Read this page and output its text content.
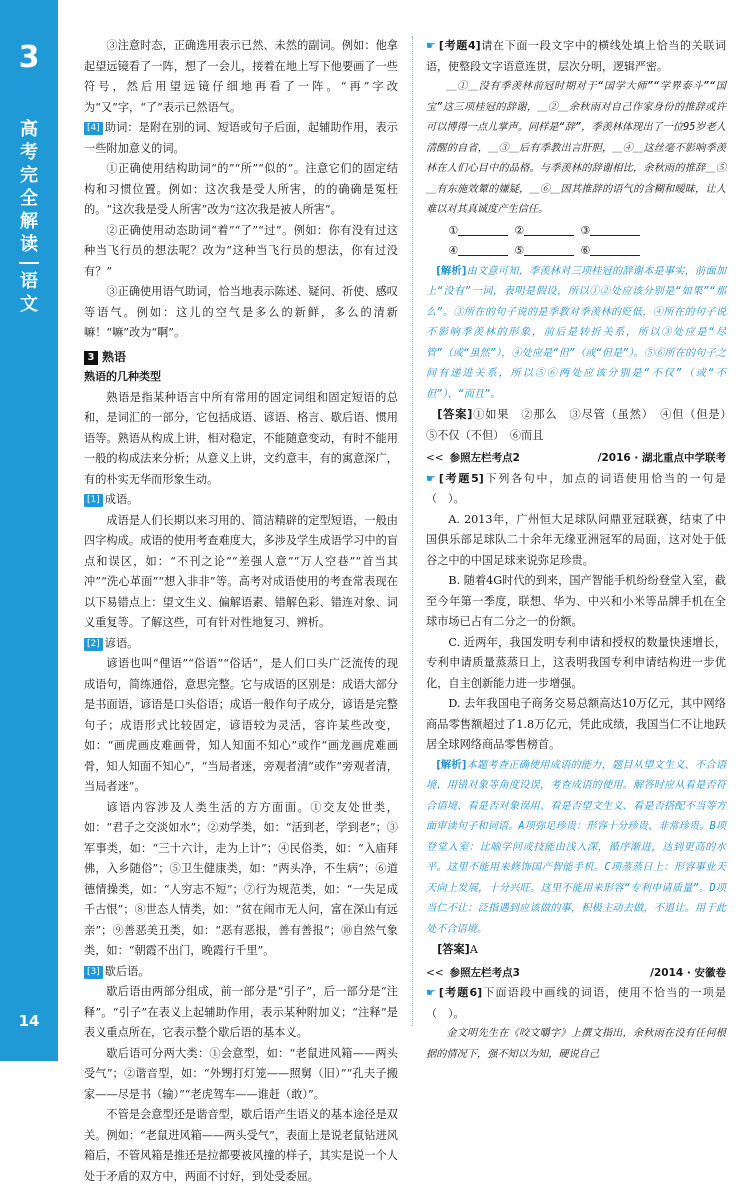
3
高
考
完
全
解
读
语
文
14

③注意时态，正确选用表示已然、未然的副词。例如：他拿起望远镜看了一阵，想了一会儿，接着在地上写下他要画了一些符号，然后用望远镜仔细地再看了一阵。“再”字改为“又”字，“了”表示已然语气。

[4] 助词：是附在别的词、短语或句子后面，起辅助作用，表示一些附加意义的词。

①正确使用结构助词“的”“所”“似的”。注意它们的固定结构和习惯位置。例如：这次我是受人所害，的的确确是冤枉的。“这次我是受人所害”改为“这次我是被人所害”。

②正确使用动态助词“着”“了”“过”。例如：你有没有过这种当飞行员的想法呢？改为“这种当飞行员的想法，你有过没有？”

③正确使用语气助词，恰当地表示陈述、疑问、祈使、感叹等语气。例如：这儿的空气是多么的新鲜，多么的清新嘛！“嘛”改为“啊”。

3 熟语
熟语的几种类型

熟语是指某种语言中所有常用的固定词组和固定短语的总和，是词汇的一部分，它包括成语、谚语、格言、歇后语、惯用语等。熟语从构成上讲，相对稳定，不能随意变动，有时不能用一般的构成法来分析；从意义上讲，文约意丰，有的寓意深广，有的朴实无华而形象生动。

[1] 成语。

成语是人们长期以来习用的、简洁精辟的定型短语，一般由四字构成。成语的使用考查难度大，多涉及学生成语学习中的盲点和误区，如：“不刊之论”“差强人意”“万人空巷”“首当其冲”“洗心革面”“想入非非”等。高考对成语使用的考查常表现在以下易错点上：望文生义、偏解语素、错解色彩、错连对象、词义重复等。了解这些，可有针对性地复习、辨析。

[2] 谚语。

谚语也叫“俚语”“俗语”“俗话”，是人们口头广泛流传的现成语句，简练通俗，意思完整。它与成语的区别是：成语大部分是书面语，谚语是口头俗语；成语一般作句子成分，谚语是完整句子；成语形式比较固定，谚语较为灵活，容许某些改变，如：“画虎画皮难画骨，知人知面不知心”或作“画龙画虎难画骨，知人知面不知心”，“当局者迷，旁观者清”或作“旁观者清，当局者迷”。

谚语内容涉及人类生活的方方面面。①交友处世类，如：“君子之交淡如水”；②劝学类，如：“活到老，学到老”；③军事类，如：“三十六计，走为上计”；④民俗类，如：“入庙拜佛，入乡随俗”；⑤卫生健康类，如：“两头净，不生病”；⑥道德情操类，如：“人穷志不短”；⑦行为规范类，如：“一失足成千古恨”；⑧世态人情类，如：“贫在闹市无人问，富在深山有远亲”；⑨善恶美丑类，如：“恶有恶报，善有善报”；⑩自然气象类，如：“朝霞不出门，晚霞行千里”。

[3] 歇后语。

歇后语由两部分组成，前一部分是“引子”，后一部分是“注释”。“引子”在表义上起辅助作用，表示某种附加义；“注释”是表义重点所在，它表示整个歇后语的基本义。

歇后语可分两大类：①会意型，如：“老鼠进风箱——两头受气”；②谐音型，如：“外甥打灯笼——照舅（旧）”“孔夫子搬家——尽是书（输）”“老虎驾车——谁赶（敢）”。

不管是会意型还是谐音型，歇后语产生语义的基本途径是双关。例如：“老鼠进风箱——两头受气”，表面上是说老鼠钻进风箱后，不管风箱是推还是拉都要被风撞的样子，其实是说一个人处于矛盾的双方中，两面不讨好，到处受委屈。

☛ [考题4]请在下面一段文字中的横线处填上恰当的关联词语，使整段文字语意连贯，层次分明，逻辑严密。

＿①＿没有季羡林前冠时期对于“国学大师”“学界泰斗”“国宝”这三项桂冠的辞谢，＿②＿余秋雨对自己作家身份的推辞或许可以博得一点儿掌声。同样是“辞”，季羡林体现出了一位95岁老人清醒的自省，＿③＿后有季教出言肝胆，＿④＿这丝毫不影响季羡林在人们心目中的品格。与季羡林的辞谢相比，余秋雨的推辞＿⑤＿有东施效颦的嫌疑，＿⑥＿因其推辞的语气的含糊和暧昧，让人难以对其真诚度产生信任。

①	②	③
④	⑤	⑥

[解析]由文意可知，季羡林对三项桂冠的辞谢本是事实，前面加上“没有”一词，表明是假设，所以①②处应该分别是“如果”“那么”。③所在的句子说的是季教对季羡林的贬低，④所在的句子说不影响季羡林的形象，前后是转折关系，所以③处应是“尽管”（或“虽然”），④处应是“但”（或“但是”）。⑤⑥所在的句子之间有递进关系，所以⑤⑥两处应该分别是“不仅”（或“不但”）、“而且”。

[答案]①如果　②那么　③尽管（虽然）　④但（但是）　⑤不仅（不但）　⑥而且

<< 参照左栏考点2	/2016 · 湖北重点中学联考

☛ [考题5]下列各句中，加点的词语使用恰当的一句是（　）。

A. 2013年，广州恒大足球队问鼎亚冠联赛，结束了中国俱乐部足球队二十余年无缘亚洲冠军的局面，这对处于低谷之中的中国足球来说弥足珍贵。

B. 随着4G时代的到来，国产智能手机纷纷登堂入室，截至今年第一季度，联想、华为、中兴和小米等品牌手机在全球市场已占有二分之一的份额。

C. 近两年，我国发明专利申请和授权的数量快速增长，专利申请质量蒸蒸日上，这表明我国专利申请结构进一步优化，自主创新能力进一步增强。

D. 去年我国电子商务交易总额高达10万亿元，其中网络商品零售额超过了1.8万亿元，凭此成绩，我国当仁不让地跃居全球网络商品零售榜首。

[解析]本题考查正确使用成语的能力，题目从望文生义、不合语境、用错对象等角度设误，考查成语的使用。解答时应从看是否符合语境、看是否对象误用、看是否望文生义、看是否搭配不当等方面审读句子和词语。A项弥足珍贵：形容十分珍贵、非常珍贵。B项登堂入室：比喻学问或技能由浅入深，循序渐进，达到更高的水平。这里不能用来修饰国产智能手机。C项蒸蒸日上：形容事业天天向上发展，十分兴旺。这里不能用来形容“专利申请质量”。D项当仁不让：泛指遇到应该做的事，积极主动去做，不退让。用于此处不合语境。

[答案]A

<< 参照左栏考点3	/2014 · 安徽卷

☛ [考题6]下面语段中画线的词语，使用不恰当的一项是（　）。

金文明先生在《咬文嚼字》上撰文指出，余秋雨在没有任何根据的情况下，强不知以为知，硬说自己
